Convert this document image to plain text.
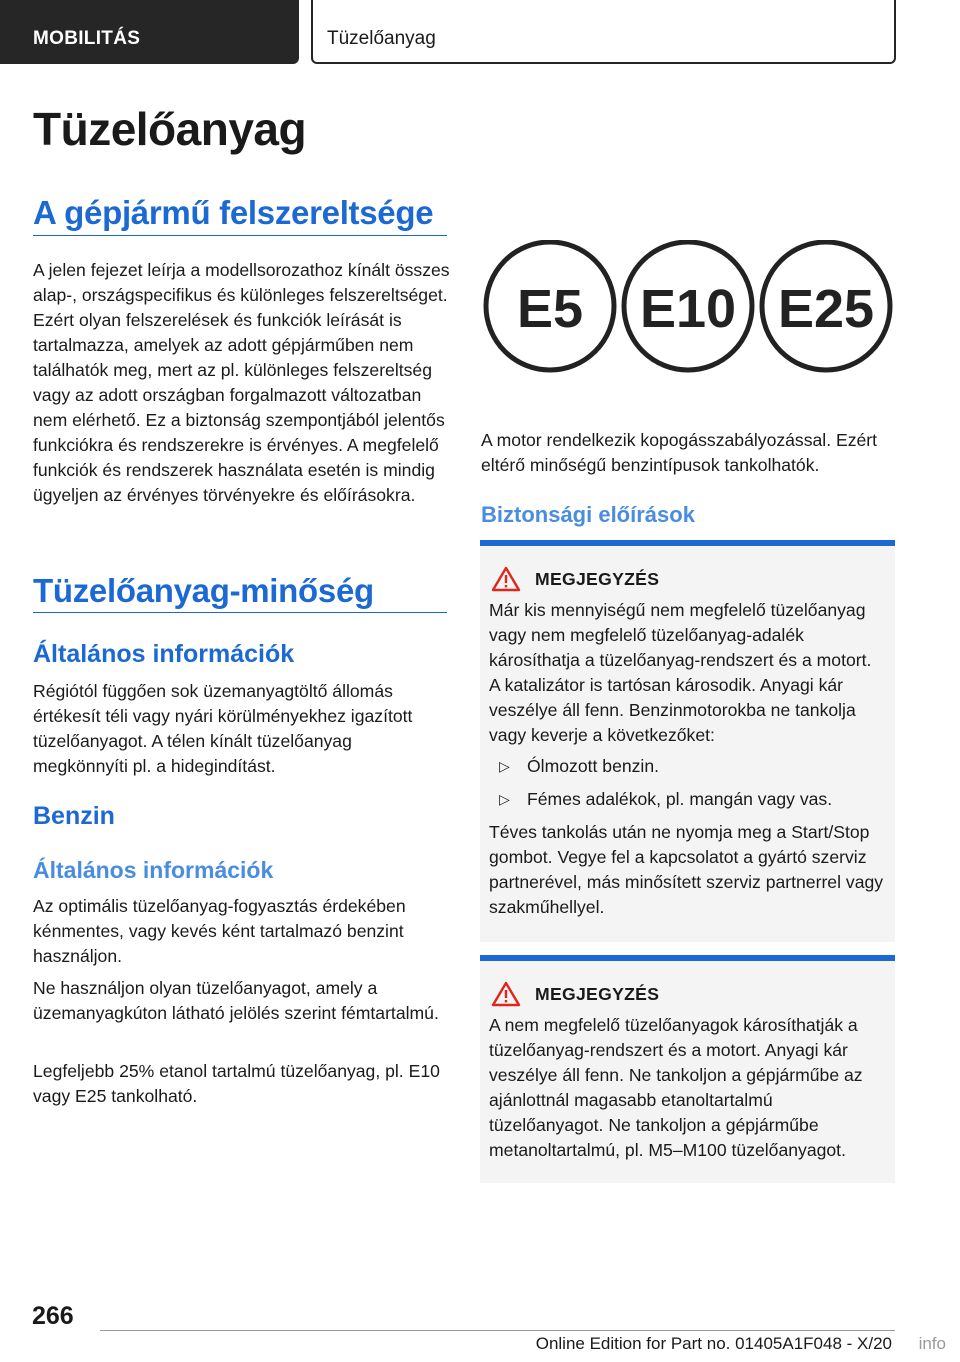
MOBILITÁS	Tüzelőanyag
Tüzelőanyag
A gépjármű felszereltsége

A jelen fejezet leírja a modellsorozathoz kínált összes alap-, országspecifikus és különleges felszereltséget. Ezért olyan felszerelések és funkciók leírását is tartalmazza, amelyek az adott gépjárműben nem találhatók meg, mert az pl. különleges felszereltség vagy az adott országban forgalmazott változatban nem elérhető. Ez a biztonság szempontjából jelentős funkciókra és rendszerekre is érvényes. A megfelelő funkciók és rendszerek használata esetén is mindig ügyeljen az érvényes törvényekre és előírásokra.

Tüzelőanyag-minőség
Általános információk

Régiótól függően sok üzemanyagtöltő állomás értékesít téli vagy nyári körülményekhez igazított tüzelőanyagot. A télen kínált tüzelőanyag megkönnyíti pl. a hidegindítást.

Benzin
Általános információk

Az optimális tüzelőanyag-fogyasztás érdekében kénmentes, vagy kevés ként tartalmazó benzint használjon.

Ne használjon olyan tüzelőanyagot, amely a üzemanyagkúton látható jelölés szerint fémtartalmú.

Legfeljebb 25% etanol tartalmú tüzelőanyag, pl. E10 vagy E25 tankolható.

E5 E10 E25

A motor rendelkezik kopogásszabályozással. Ezért eltérő minőségű benzintípusok tankolhatók.

Biztonsági előírások
MEGJEGYZÉS

Már kis mennyiségű nem megfelelő tüzelőanyag vagy nem megfelelő tüzelőanyag-adalék károsíthatja a tüzelőanyag-rendszert és a motort. A katalizátor is tartósan károsodik. Anyagi kár veszélye áll fenn. Benzinmotorokba ne tankolja vagy keverje a következőket:

▷ Ólmozott benzin.
▷ Fémes adalékok, pl. mangán vagy vas.

Téves tankolás után ne nyomja meg a Start/Stop gombot. Vegye fel a kapcsolatot a gyártó szerviz partnerével, más minősített szerviz partnerrel vagy szakműhellyel.

MEGJEGYZÉS

A nem megfelelő tüzelőanyagok károsíthatják a tüzelőanyag-rendszert és a motort. Anyagi kár veszélye áll fenn. Ne tankoljon a gépjárműbe az ajánlottnál magasabb etanoltartalmú tüzelőanyagot. Ne tankoljon a gépjárműbe metanoltartalmú, pl. M5–M100 tüzelőanyagot.

266
Online Edition for Part no. 01405A1F048 - X/20 info
